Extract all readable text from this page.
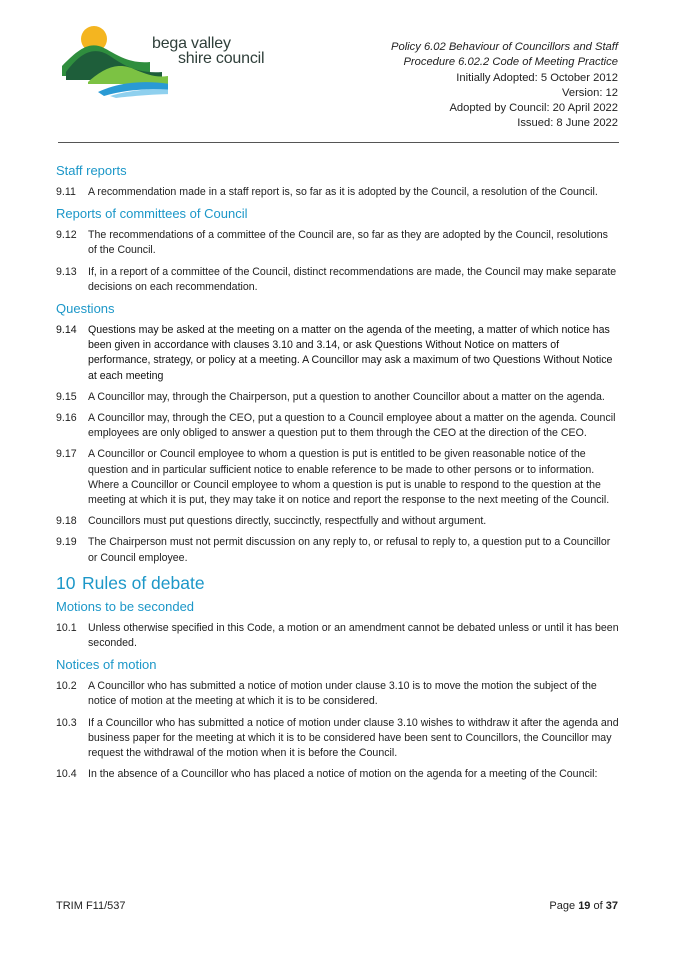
bega valley
shire council
Policy 6.02 Behaviour of Councillors and Staff
Procedure 6.02.2 Code of Meeting Practice
Initially Adopted: 5 October 2012
Version: 12
Adopted by Council: 20 April 2022
Issued: 8 June 2022
Staff reports
9.11 A recommendation made in a staff report is, so far as it is adopted by the Council, a resolution of the Council.
Reports of committees of Council
9.12 The recommendations of a committee of the Council are, so far as they are adopted by the Council, resolutions of the Council.
9.13 If, in a report of a committee of the Council, distinct recommendations are made, the Council may make separate decisions on each recommendation.
Questions
9.14 Questions may be asked at the meeting on a matter on the agenda of the meeting, a matter of which notice has been given in accordance with clauses 3.10 and 3.14, or ask Questions Without Notice on matters of performance, strategy, or policy at a meeting. A Councillor may ask a maximum of two Questions Without Notice at each meeting
9.15 A Councillor may, through the Chairperson, put a question to another Councillor about a matter on the agenda.
9.16 A Councillor may, through the CEO, put a question to a Council employee about a matter on the agenda. Council employees are only obliged to answer a question put to them through the CEO at the direction of the CEO.
9.17 A Councillor or Council employee to whom a question is put is entitled to be given reasonable notice of the question and in particular sufficient notice to enable reference to be made to other persons or to information. Where a Councillor or Council employee to whom a question is put is unable to respond to the question at the meeting at which it is put, they may take it on notice and report the response to the next meeting of the Council.
9.18 Councillors must put questions directly, succinctly, respectfully and without argument.
9.19 The Chairperson must not permit discussion on any reply to, or refusal to reply to, a question put to a Councillor or Council employee.
10 Rules of debate
Motions to be seconded
10.1 Unless otherwise specified in this Code, a motion or an amendment cannot be debated unless or until it has been seconded.
Notices of motion
10.2 A Councillor who has submitted a notice of motion under clause 3.10 is to move the motion the subject of the notice of motion at the meeting at which it is to be considered.
10.3 If a Councillor who has submitted a notice of motion under clause 3.10 wishes to withdraw it after the agenda and business paper for the meeting at which it is to be considered have been sent to Councillors, the Councillor may request the withdrawal of the motion when it is before the Council.
10.4 In the absence of a Councillor who has placed a notice of motion on the agenda for a meeting of the Council:
TRIM F11/537	Page 19 of 37
